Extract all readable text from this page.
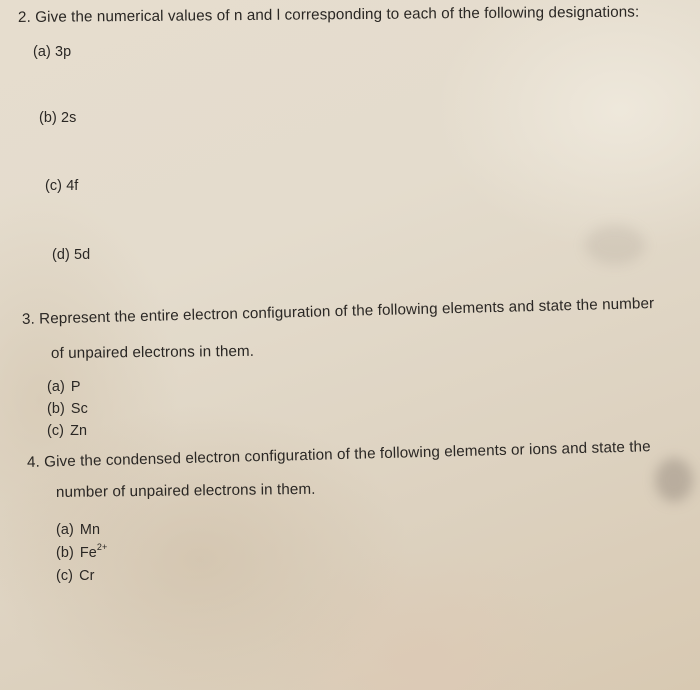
2. Give the numerical values of n and l corresponding to each of the following designations:
(a) 3p
(b) 2s
(c) 4f
(d) 5d
3. Represent the entire electron configuration of the following elements and state the number
of unpaired electrons in them.
(a) P
(b) Sc
(c) Zn
4. Give the condensed electron configuration of the following elements or ions and state the
number of unpaired electrons in them.
(a) Mn
(b) $Fe^{2+}$
(c) Cr
